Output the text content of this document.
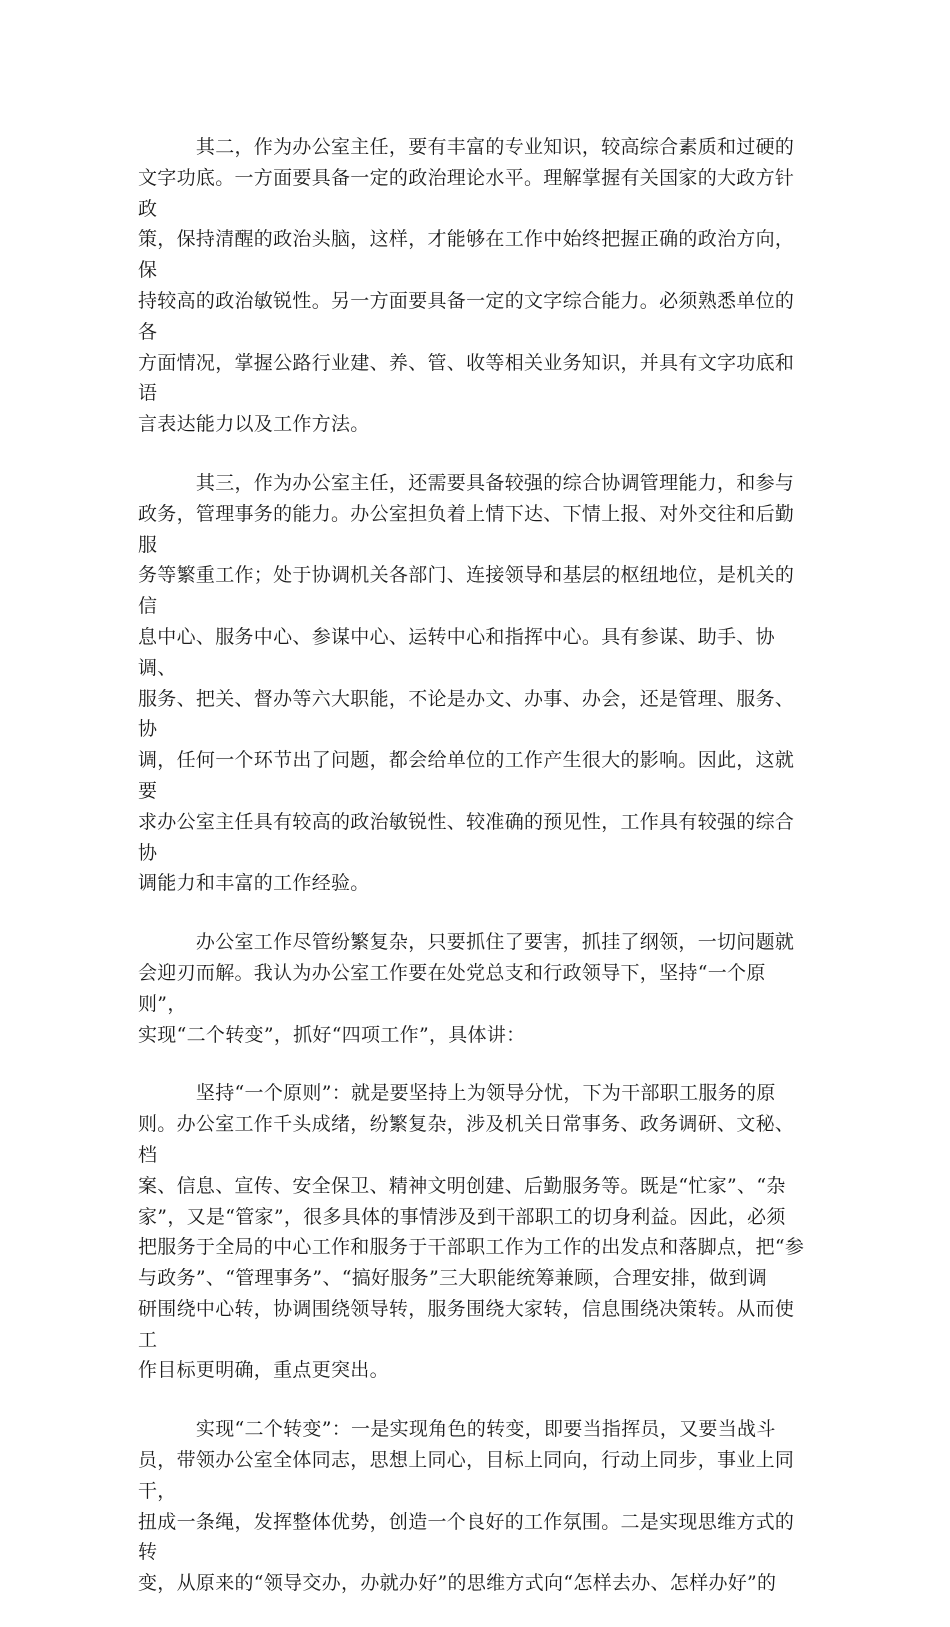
　　　其二，作为办公室主任，要有丰富的专业知识，较高综合素质和过硬的
文字功底。一方面要具备一定的政治理论水平。理解掌握有关国家的大政方针政
策，保持清醒的政治头脑，这样，才能够在工作中始终把握正确的政治方向，保
持较高的政治敏锐性。另一方面要具备一定的文字综合能力。必须熟悉单位的各
方面情况，掌握公路行业建、养、管、收等相关业务知识，并具有文字功底和语
言表达能力以及工作方法。

　　　其三，作为办公室主任，还需要具备较强的综合协调管理能力，和参与
政务，管理事务的能力。办公室担负着上情下达、下情上报、对外交往和后勤服
务等繁重工作；处于协调机关各部门、连接领导和基层的枢纽地位，是机关的信
息中心、服务中心、参谋中心、运转中心和指挥中心。具有参谋、助手、协调、
服务、把关、督办等六大职能，不论是办文、办事、办会，还是管理、服务、协
调，任何一个环节出了问题，都会给单位的工作产生很大的影响。因此，这就要
求办公室主任具有较高的政治敏锐性、较准确的预见性，工作具有较强的综合协
调能力和丰富的工作经验。

　　　办公室工作尽管纷繁复杂，只要抓住了要害，抓挂了纲领，一切问题就
会迎刃而解。我认为办公室工作要在处党总支和行政领导下，坚持“一个原则”，
实现“二个转变”，抓好“四项工作”，具体讲：

　　　坚持“一个原则”：就是要坚持上为领导分忧，下为干部职工服务的原
则。办公室工作千头成绪，纷繁复杂，涉及机关日常事务、政务调研、文秘、档
案、信息、宣传、安全保卫、精神文明创建、后勤服务等。既是“忙家”、“杂
家”，又是“管家”，很多具体的事情涉及到干部职工的切身利益。因此，必须
把服务于全局的中心工作和服务于干部职工作为工作的出发点和落脚点，把“参
与政务”、“管理事务”、“搞好服务”三大职能统筹兼顾，合理安排，做到调
研围绕中心转，协调围绕领导转，服务围绕大家转，信息围绕决策转。从而使工
作目标更明确，重点更突出。

　　　实现“二个转变”：一是实现角色的转变，即要当指挥员，又要当战斗
员，带领办公室全体同志，思想上同心，目标上同向，行动上同步，事业上同干，
扭成一条绳，发挥整体优势，创造一个良好的工作氛围。二是实现思维方式的转
变，从原来的“领导交办，办就办好”的思维方式向“怎样去办、怎样办好”的
